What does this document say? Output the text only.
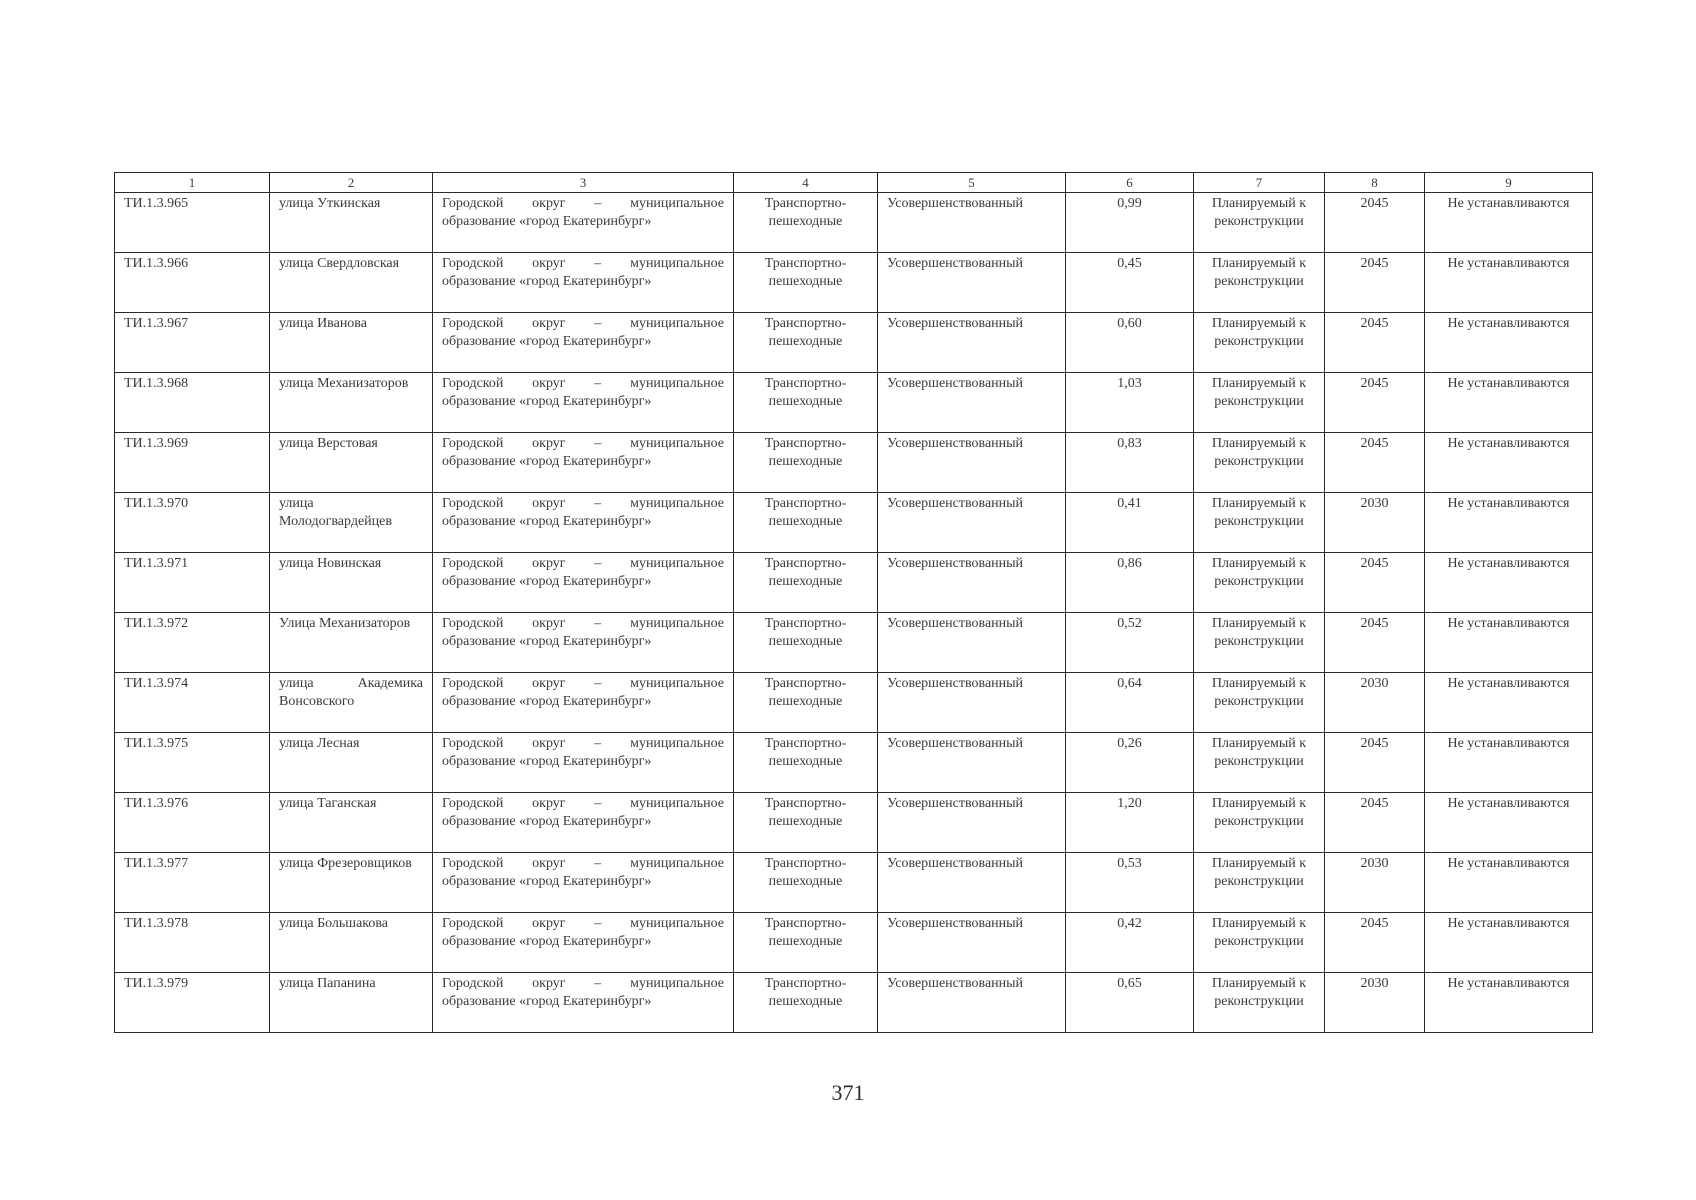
1	2	3	4	5	6	7	8	9
ТИ.1.3.965	улица Уткинская	Городской округ – муниципальное образование «город Екатеринбург»	Транспортно-пешеходные	Усовершенствованный	0,99	Планируемый к реконструкции	2045	Не устанавливаются
ТИ.1.3.966	улица Свердловская	Городской округ – муниципальное образование «город Екатеринбург»	Транспортно-пешеходные	Усовершенствованный	0,45	Планируемый к реконструкции	2045	Не устанавливаются
ТИ.1.3.967	улица Иванова	Городской округ – муниципальное образование «город Екатеринбург»	Транспортно-пешеходные	Усовершенствованный	0,60	Планируемый к реконструкции	2045	Не устанавливаются
ТИ.1.3.968	улица Механизаторов	Городской округ – муниципальное образование «город Екатеринбург»	Транспортно-пешеходные	Усовершенствованный	1,03	Планируемый к реконструкции	2045	Не устанавливаются
ТИ.1.3.969	улица Верстовая	Городской округ – муниципальное образование «город Екатеринбург»	Транспортно-пешеходные	Усовершенствованный	0,83	Планируемый к реконструкции	2045	Не устанавливаются
ТИ.1.3.970	улица Молодогвардейцев	Городской округ – муниципальное образование «город Екатеринбург»	Транспортно-пешеходные	Усовершенствованный	0,41	Планируемый к реконструкции	2030	Не устанавливаются
ТИ.1.3.971	улица Новинская	Городской округ – муниципальное образование «город Екатеринбург»	Транспортно-пешеходные	Усовершенствованный	0,86	Планируемый к реконструкции	2045	Не устанавливаются
ТИ.1.3.972	Улица Механизаторов	Городской округ – муниципальное образование «город Екатеринбург»	Транспортно-пешеходные	Усовершенствованный	0,52	Планируемый к реконструкции	2045	Не устанавливаются
ТИ.1.3.974	улица Академика Вонсовского	Городской округ – муниципальное образование «город Екатеринбург»	Транспортно-пешеходные	Усовершенствованный	0,64	Планируемый к реконструкции	2030	Не устанавливаются
ТИ.1.3.975	улица Лесная	Городской округ – муниципальное образование «город Екатеринбург»	Транспортно-пешеходные	Усовершенствованный	0,26	Планируемый к реконструкции	2045	Не устанавливаются
ТИ.1.3.976	улица Таганская	Городской округ – муниципальное образование «город Екатеринбург»	Транспортно-пешеходные	Усовершенствованный	1,20	Планируемый к реконструкции	2045	Не устанавливаются
ТИ.1.3.977	улица Фрезеровщиков	Городской округ – муниципальное образование «город Екатеринбург»	Транспортно-пешеходные	Усовершенствованный	0,53	Планируемый к реконструкции	2030	Не устанавливаются
ТИ.1.3.978	улица Большакова	Городской округ – муниципальное образование «город Екатеринбург»	Транспортно-пешеходные	Усовершенствованный	0,42	Планируемый к реконструкции	2045	Не устанавливаются
ТИ.1.3.979	улица Папанина	Городской округ – муниципальное образование «город Екатеринбург»	Транспортно-пешеходные	Усовершенствованный	0,65	Планируемый к реконструкции	2030	Не устанавливаются
371
